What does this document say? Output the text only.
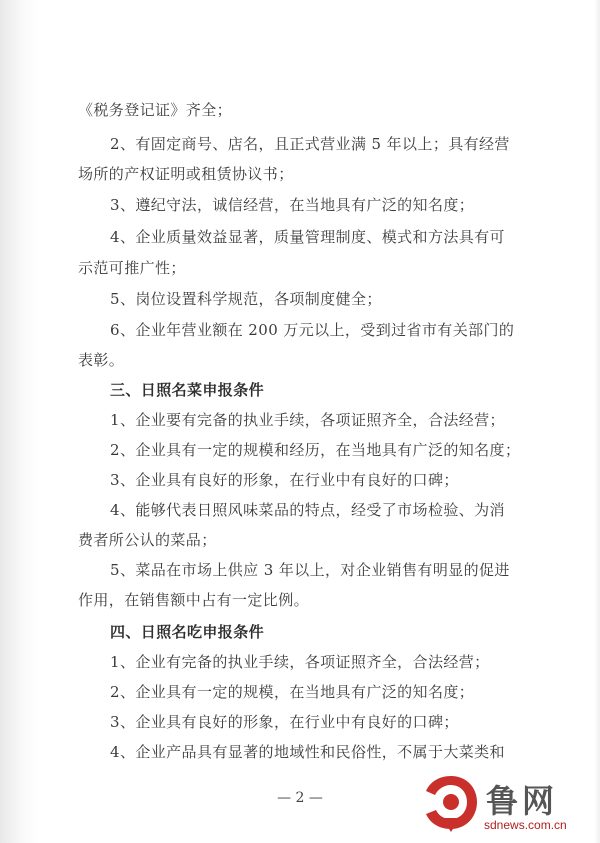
《税务登记证》齐全；
2、有固定商号、店名，且正式营业满 5 年以上；具有经营
场所的产权证明或租赁协议书；
3、遵纪守法，诚信经营，在当地具有广泛的知名度；
4、企业质量效益显著，质量管理制度、模式和方法具有可
示范可推广性；
5、岗位设置科学规范，各项制度健全；
6、企业年营业额在 200 万元以上，受到过省市有关部门的
表彰。
三、日照名菜申报条件
1、企业要有完备的执业手续，各项证照齐全，合法经营；
2、企业具有一定的规模和经历，在当地具有广泛的知名度；
3、企业具有良好的形象，在行业中有良好的口碑；
4、能够代表日照风味菜品的特点，经受了市场检验、为消
费者所公认的菜品；
5、菜品在市场上供应 3 年以上，对企业销售有明显的促进
作用，在销售额中占有一定比例。
四、日照名吃申报条件
1、企业有完备的执业手续，各项证照齐全，合法经营；
2、企业具有一定的规模，在当地具有广泛的知名度；
3、企业具有良好的形象，在行业中有良好的口碑；
4、企业产品具有显著的地域性和民俗性，不属于大菜类和
— 2 —	鲁网
sdnews.com.cn
